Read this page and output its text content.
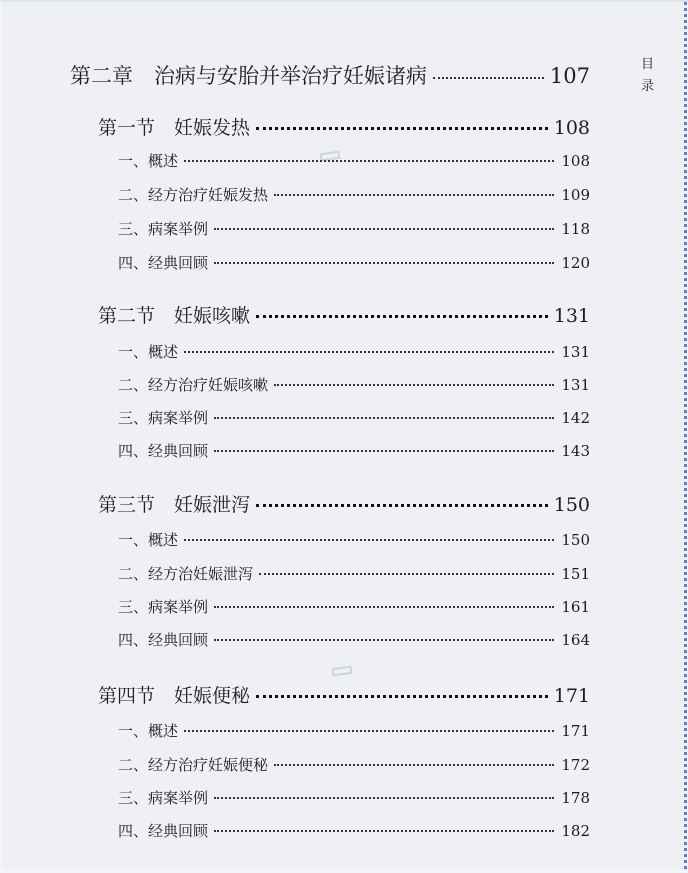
目录
第二章　治病与安胎并举治疗妊娠诸病	107
第一节　妊娠发热	108
一、概述	108
二、经方治疗妊娠发热	109
三、病案举例	118
四、经典回顾	120
第二节　妊娠咳嗽	131
一、概述	131
二、经方治疗妊娠咳嗽	131
三、病案举例	142
四、经典回顾	143
第三节　妊娠泄泻	150
一、概述	150
二、经方治妊娠泄泻	151
三、病案举例	161
四、经典回顾	164
第四节　妊娠便秘	171
一、概述	171
二、经方治疗妊娠便秘	172
三、病案举例	178
四、经典回顾	182
